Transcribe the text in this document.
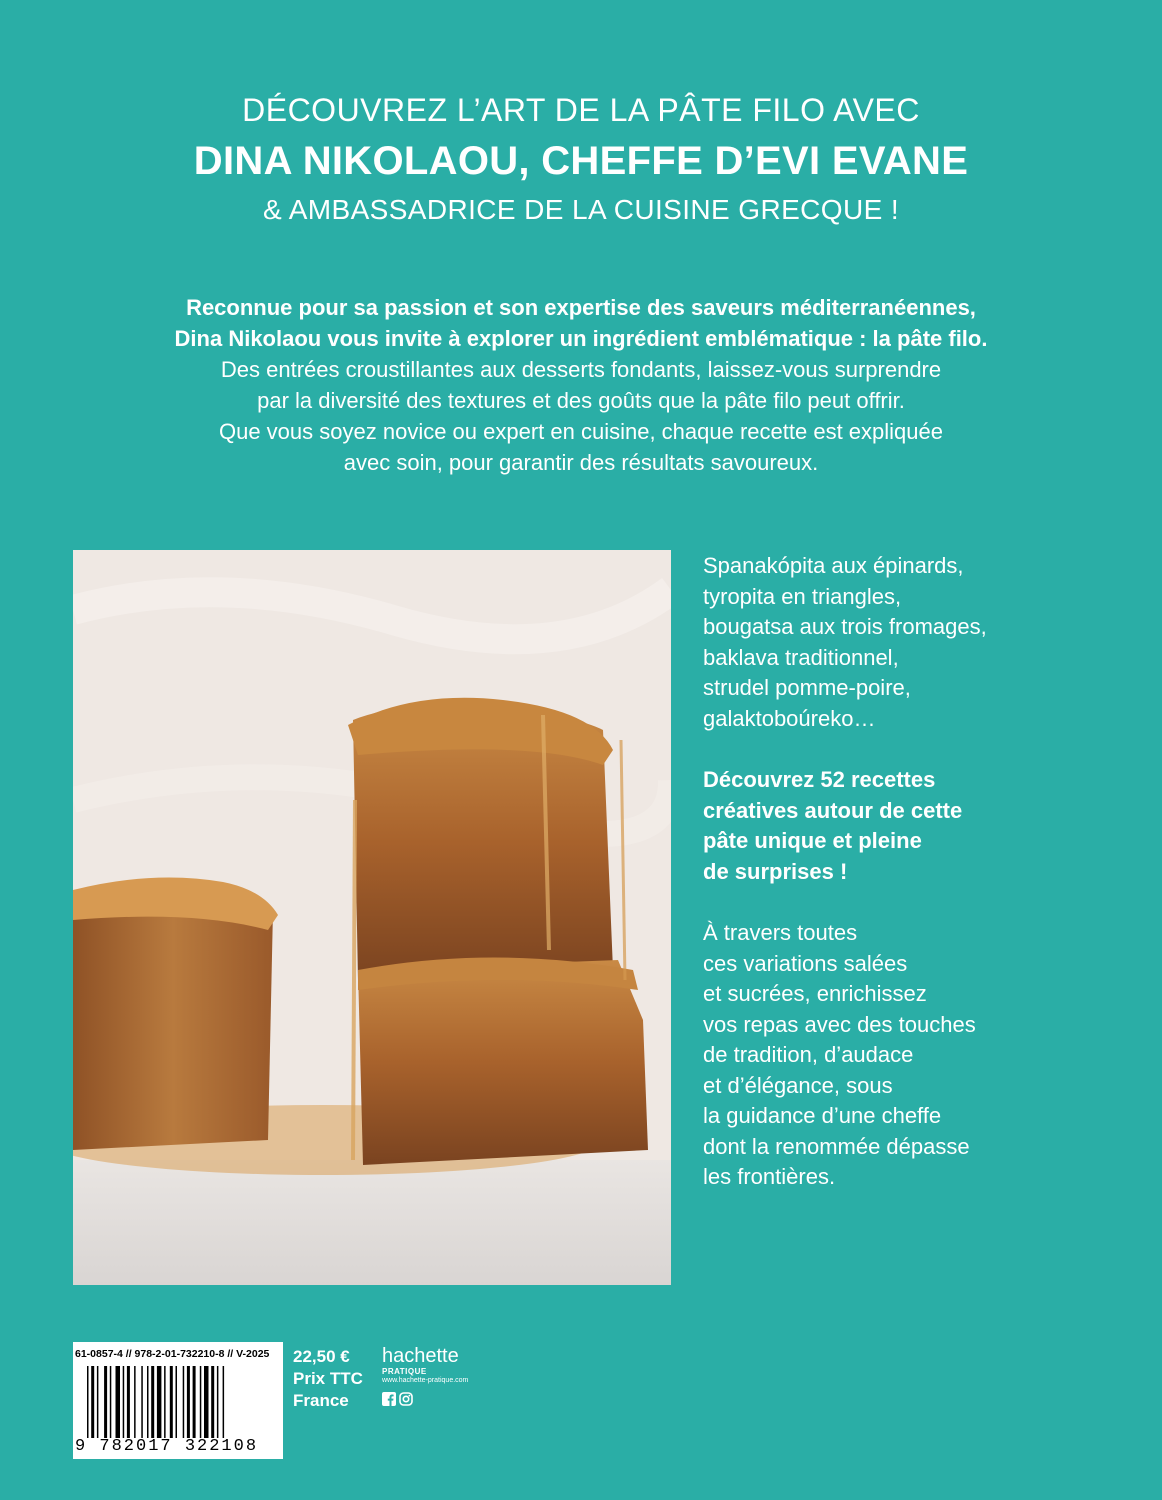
DÉCOUVREZ L’ART DE LA PÂTE FILO AVEC
DINA NIKOLAOU, CHEFFE D’EVI EVANE
& AMBASSADRICE DE LA CUISINE GRECQUE !
Reconnue pour sa passion et son expertise des saveurs méditerranéennes,
Dina Nikolaou vous invite à explorer un ingrédient emblématique : la pâte filo.
Des entrées croustillantes aux desserts fondants, laissez-vous surprendre
par la diversité des textures et des goûts que la pâte filo peut offrir.
Que vous soyez novice ou expert en cuisine, chaque recette est expliquée
avec soin, pour garantir des résultats savoureux.

Spanakópita aux épinards,
tyropita en triangles,
bougatsa aux trois fromages,
baklava traditionnel,
strudel pomme-poire,
galaktoboúreko…

Découvrez 52 recettes
créatives autour de cette
pâte unique et pleine
de surprises !

À travers toutes
ces variations salées
et sucrées, enrichissez
vos repas avec des touches
de tradition, d’audace
et d’élégance, sous
la guidance d’une cheffe
dont la renommée dépasse
les frontières.

61-0857-4 // 978-2-01-732210-8 // V-2025
9 782017 322108
22,50 €
Prix TTC
France
hachette
PRATIQUE
www.hachette-pratique.com
